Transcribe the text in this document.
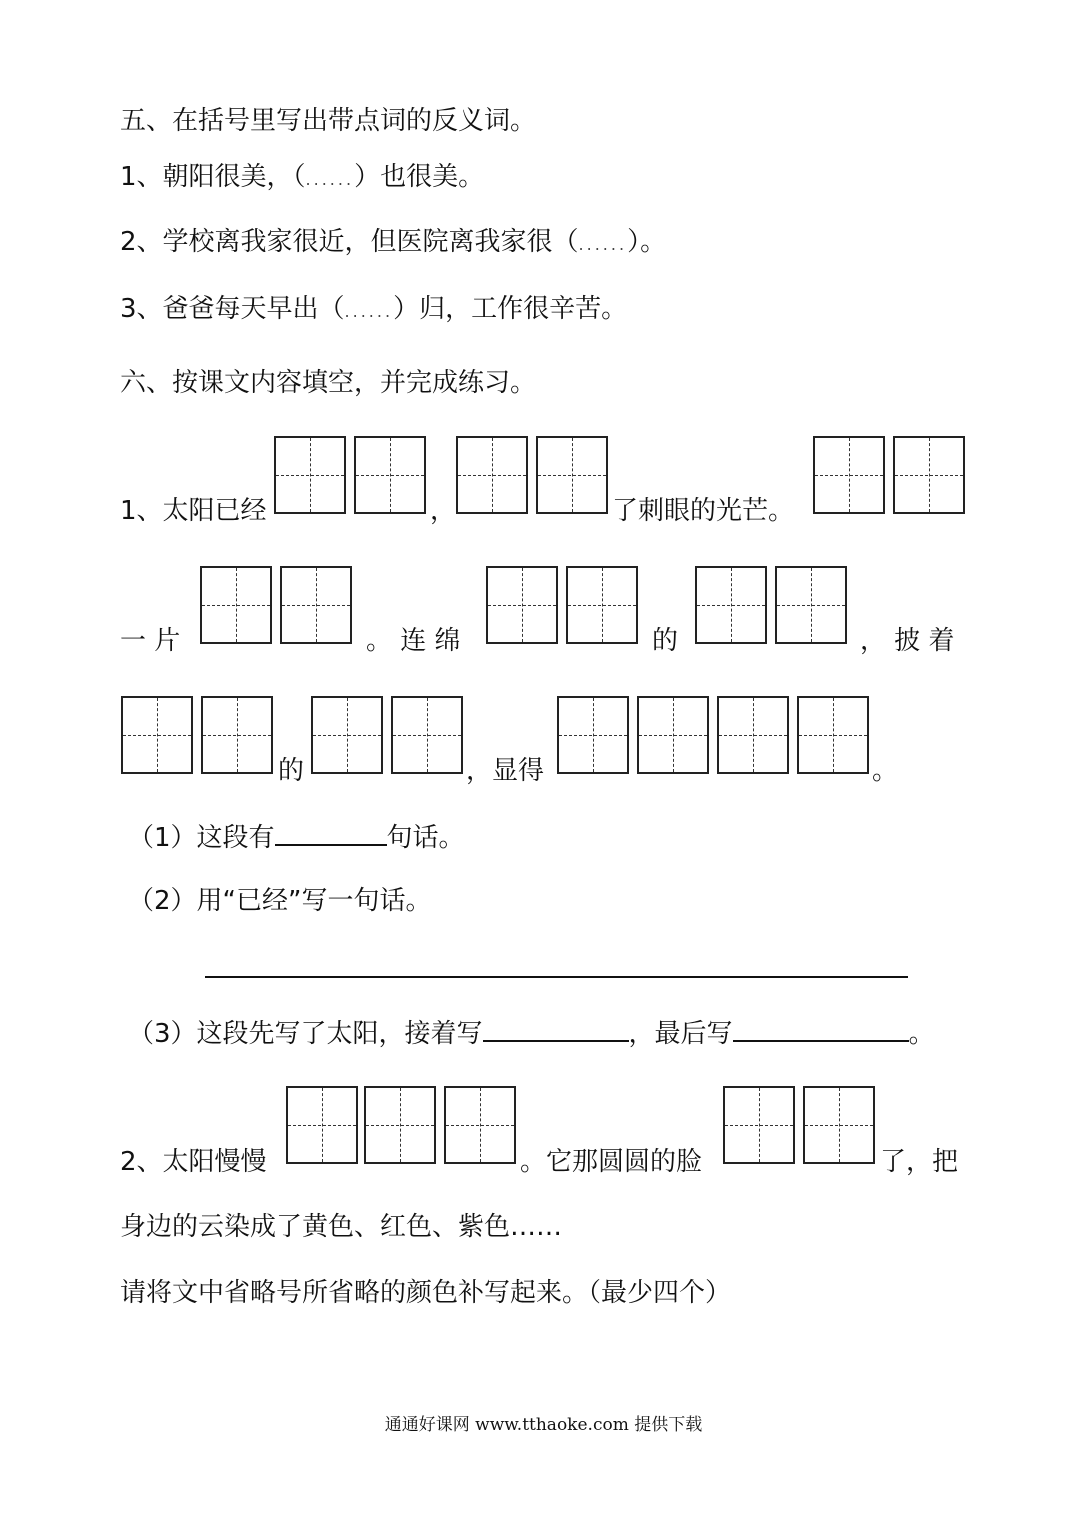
五、在括号里写出带点词的反义词。
1、朝阳很美，（......）也很美。
2、学校离我家很近，但医院离我家很（......）。
3、爸爸每天早出（......）归，工作很辛苦。
六、按课文内容填空，并完成练习。
1、太阳已经	，	了刺眼的光芒。
一 片	。 连 绵	的	， 披 着
的	，显得	。
（1）这段有	句话。
（2）用“已经”写一句话。
（3）这段先写了太阳，接着写	，最后写	。
2、太阳慢慢	。它那圆圆的脸	了，把
身边的云染成了黄色、红色、紫色……
请将文中省略号所省略的颜色补写起来。（最少四个）
通通好课网 www.tthaoke.com 提供下载
